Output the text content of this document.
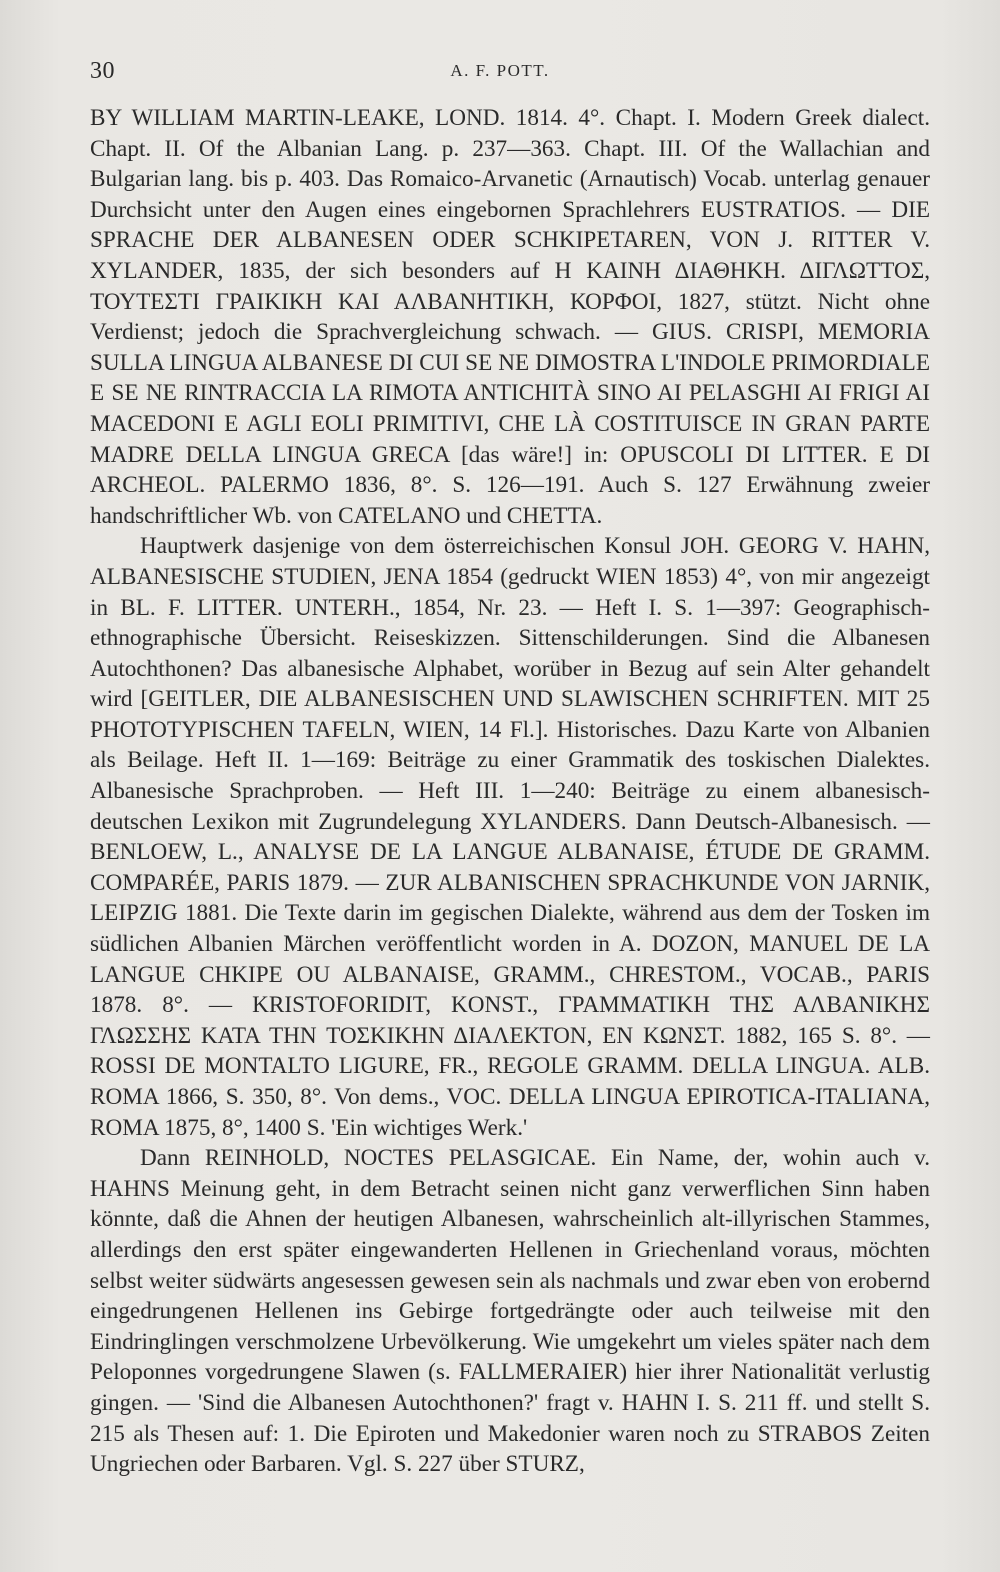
30	A. F. POTT.

BY WILLIAM MARTIN-LEAKE, LOND. 1814. 4°. Chapt. I. Modern Greek dialect. Chapt. II. Of the Albanian Lang. p. 237—363. Chapt. III. Of the Wallachian and Bulgarian lang. bis p. 403. Das Romaico-Arvanetic (Arnautisch) Vocab. unterlag genauer Durchsicht unter den Augen eines eingebornen Sprachlehrers EUSTRATIOS. — DIE SPRACHE DER ALBANESEN ODER SCHKIPETAREN, VON J. RITTER V. XYLANDER, 1835, der sich besonders auf Η ΚΑΙΝΗ ΔΙΑΘΗΚΗ. ΔΙΓΛΩΤΤΟΣ, ΤΟΥΤΕΣΤΙ ΓΡΑΙΚΙΚΗ ΚΑΙ ΑΛΒΑΝΗΤΙΚΗ, ΚΟΡΦΟΙ, 1827, stützt. Nicht ohne Verdienst; jedoch die Sprachvergleichung schwach. — GIUS. CRISPI, MEMORIA SULLA LINGUA ALBANESE DI CUI SE NE DIMOSTRA L'INDOLE PRIMORDIALE E SE NE RINTRACCIA LA RIMOTA ANTICHITÀ SINO AI PELASGHI AI FRIGI AI MACEDONI E AGLI EOLI PRIMITIVI, CHE LÀ COSTITUISCE IN GRAN PARTE MADRE DELLA LINGUA GRECA [das wäre!] in: OPUSCOLI DI LITTER. E DI ARCHEOL. PALERMO 1836, 8°. S. 126—191. Auch S. 127 Erwähnung zweier handschriftlicher Wb. von CATELANO und CHETTA.

Hauptwerk dasjenige von dem österreichischen Konsul JOH. GEORG V. HAHN, ALBANESISCHE STUDIEN, JENA 1854 (gedruckt WIEN 1853) 4°, von mir angezeigt in BL. F. LITTER. UNTERH., 1854, Nr. 23. — Heft I. S. 1—397: Geographisch-ethnographische Übersicht. Reiseskizzen. Sittenschilderungen. Sind die Albanesen Autochthonen? Das albanesische Alphabet, worüber in Bezug auf sein Alter gehandelt wird [GEITLER, DIE ALBANESISCHEN UND SLAWISCHEN SCHRIFTEN. MIT 25 PHOTOTYPISCHEN TAFELN, WIEN, 14 Fl.]. Historisches. Dazu Karte von Albanien als Beilage. Heft II. 1—169: Beiträge zu einer Grammatik des toskischen Dialektes. Albanesische Sprachproben. — Heft III. 1—240: Beiträge zu einem albanesisch-deutschen Lexikon mit Zugrundelegung XYLANDERS. Dann Deutsch-Albanesisch. — BENLOEW, L., ANALYSE DE LA LANGUE ALBANAISE, ÉTUDE DE GRAMM. COMPARÉE, PARIS 1879. — ZUR ALBANISCHEN SPRACHKUNDE VON JARNIK, LEIPZIG 1881. Die Texte darin im gegischen Dialekte, während aus dem der Tosken im südlichen Albanien Märchen veröffentlicht worden in A. DOZON, MANUEL DE LA LANGUE CHKIPE OU ALBANAISE, GRAMM., CHRESTOM., VOCAB., PARIS 1878. 8°. — KRISTOFORIDIT, KONST., ΓΡΑΜΜΑΤΙΚΗ ΤΗΣ ΑΛΒΑΝΙΚΗΣ ΓΛΩΣΣΗΣ ΚΑΤΑ ΤΗΝ ΤΟΣΚΙΚΗΝ ΔΙΑΛΕΚΤΟΝ, ΕΝ ΚΩΝΣΤ. 1882, 165 S. 8°. — ROSSI DE MONTALTO LIGURE, FR., REGOLE GRAMM. DELLA LINGUA. ALB. ROMA 1866, S. 350, 8°. Von dems., VOC. DELLA LINGUA EPIROTICA-ITALIANA, ROMA 1875, 8°, 1400 S. 'Ein wichtiges Werk.'

Dann REINHOLD, NOCTES PELASGICAE. Ein Name, der, wohin auch v. HAHNS Meinung geht, in dem Betracht seinen nicht ganz verwerflichen Sinn haben könnte, daß die Ahnen der heutigen Albanesen, wahrscheinlich alt-illyrischen Stammes, allerdings den erst später eingewanderten Hellenen in Griechenland voraus, möchten selbst weiter südwärts angesessen gewesen sein als nachmals und zwar eben von erobernd eingedrungenen Hellenen ins Gebirge fortgedrängte oder auch teilweise mit den Eindringlingen verschmolzene Urbevölkerung. Wie umgekehrt um vieles später nach dem Peloponnes vorgedrungene Slawen (s. FALLMERAIER) hier ihrer Nationalität verlustig gingen. — 'Sind die Albanesen Autochthonen?' fragt v. HAHN I. S. 211 ff. und stellt S. 215 als Thesen auf: 1. Die Epiroten und Makedonier waren noch zu STRABOS Zeiten Ungriechen oder Barbaren. Vgl. S. 227 über STURZ,
